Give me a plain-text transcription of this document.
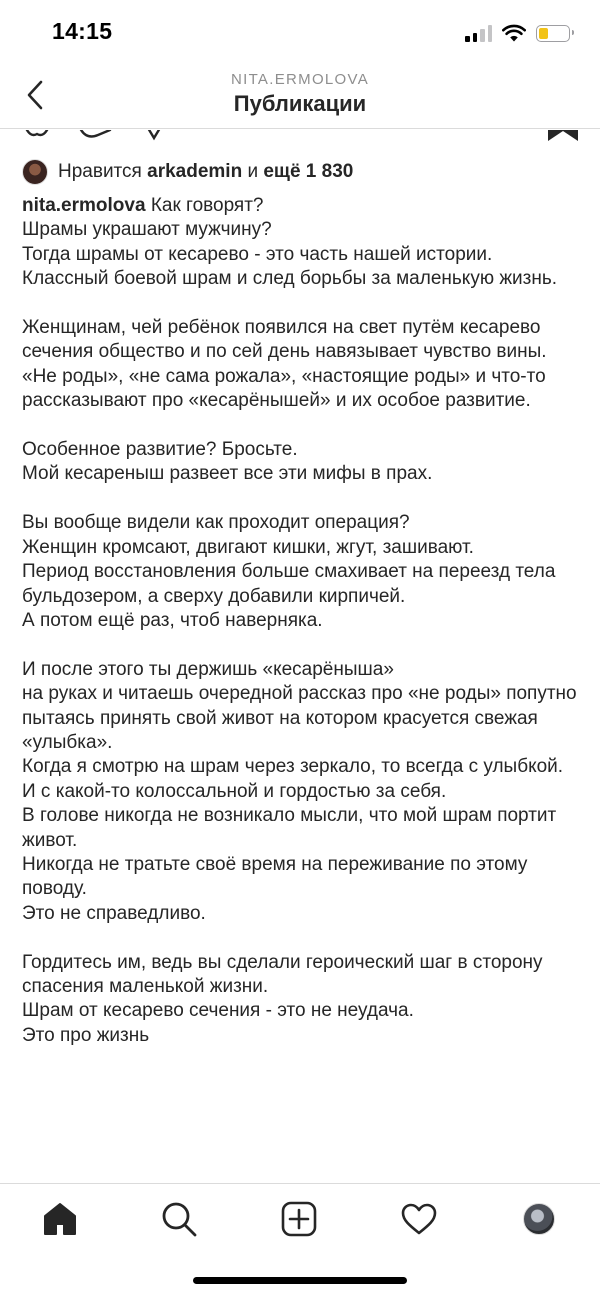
14:15
NITA.ERMOLOVA
Публикации
Нравится
arkademin
и
ещё 1 830
nita.ermolova Как говорят?
Шрамы украшают мужчину?
Тогда шрамы от кесарево - это часть нашей истории.
Классный боевой шрам и след борьбы за маленькую жизнь.

Женщинам, чей ребёнок появился на свет путём кесарево сечения общество и по сей день навязывает чувство вины.
«Не роды», «не сама рожала», «настоящие роды» и что-то рассказывают про «кесарёнышей» и их особое развитие.

Особенное развитие? Бросьте.
Мой кесареныш развеет все эти мифы в прах.

Вы вообще видели как проходит операция?
Женщин кромсают, двигают кишки, жгут, зашивают.
Период восстановления больше смахивает на переезд тела бульдозером, а сверху добавили кирпичей.
А потом ещё раз, чтоб наверняка.

И после этого ты держишь «кесарёныша»
на руках и читаешь очередной рассказ про «не роды» попутно пытаясь принять свой живот на котором красуется свежая «улыбка».
Когда я смотрю на шрам через зеркало, то всегда с улыбкой.
И с какой-то колоссальной и гордостью за себя.
В голове никогда не возникало мысли, что мой шрам портит живот.
Никогда не тратьте своё время на переживание по этому поводу.
Это не справедливо.

Гордитесь им, ведь вы сделали героический шаг в сторону спасения маленькой жизни.
Шрам от кесарево сечения - это не неудача.
Это про жизнь
